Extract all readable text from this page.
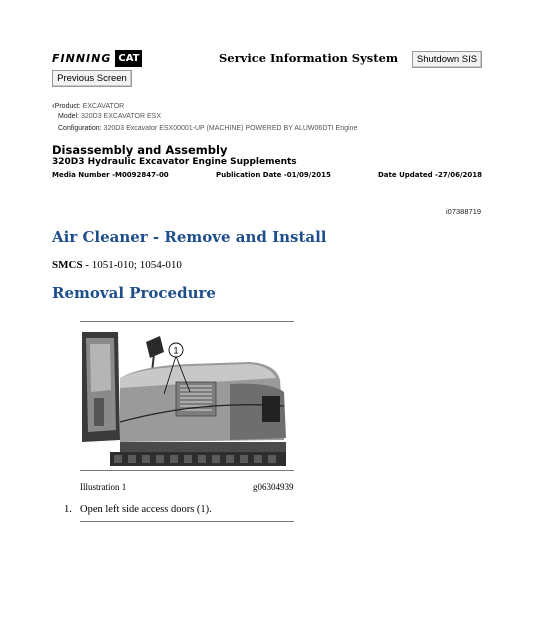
FINNING CAT	Service Information System	Shutdown SIS
Previous Screen
‹Product: EXCAVATOR
Model: 320D3 EXCAVATOR ESX
Configuration: 320D3 Excavator ESX00001-UP (MACHINE) POWERED BY ALUW06DTI Engine
Disassembly and Assembly
320D3 Hydraulic Excavator Engine Supplements
Media Number -M0092847-00	Publication Date -01/09/2015	Date Updated -27/06/2018
i07388719
Air Cleaner - Remove and Install
SMCS - 1051-010; 1054-010
Removal Procedure
1
Illustration 1	g06304939
1. Open left side access doors (1).
